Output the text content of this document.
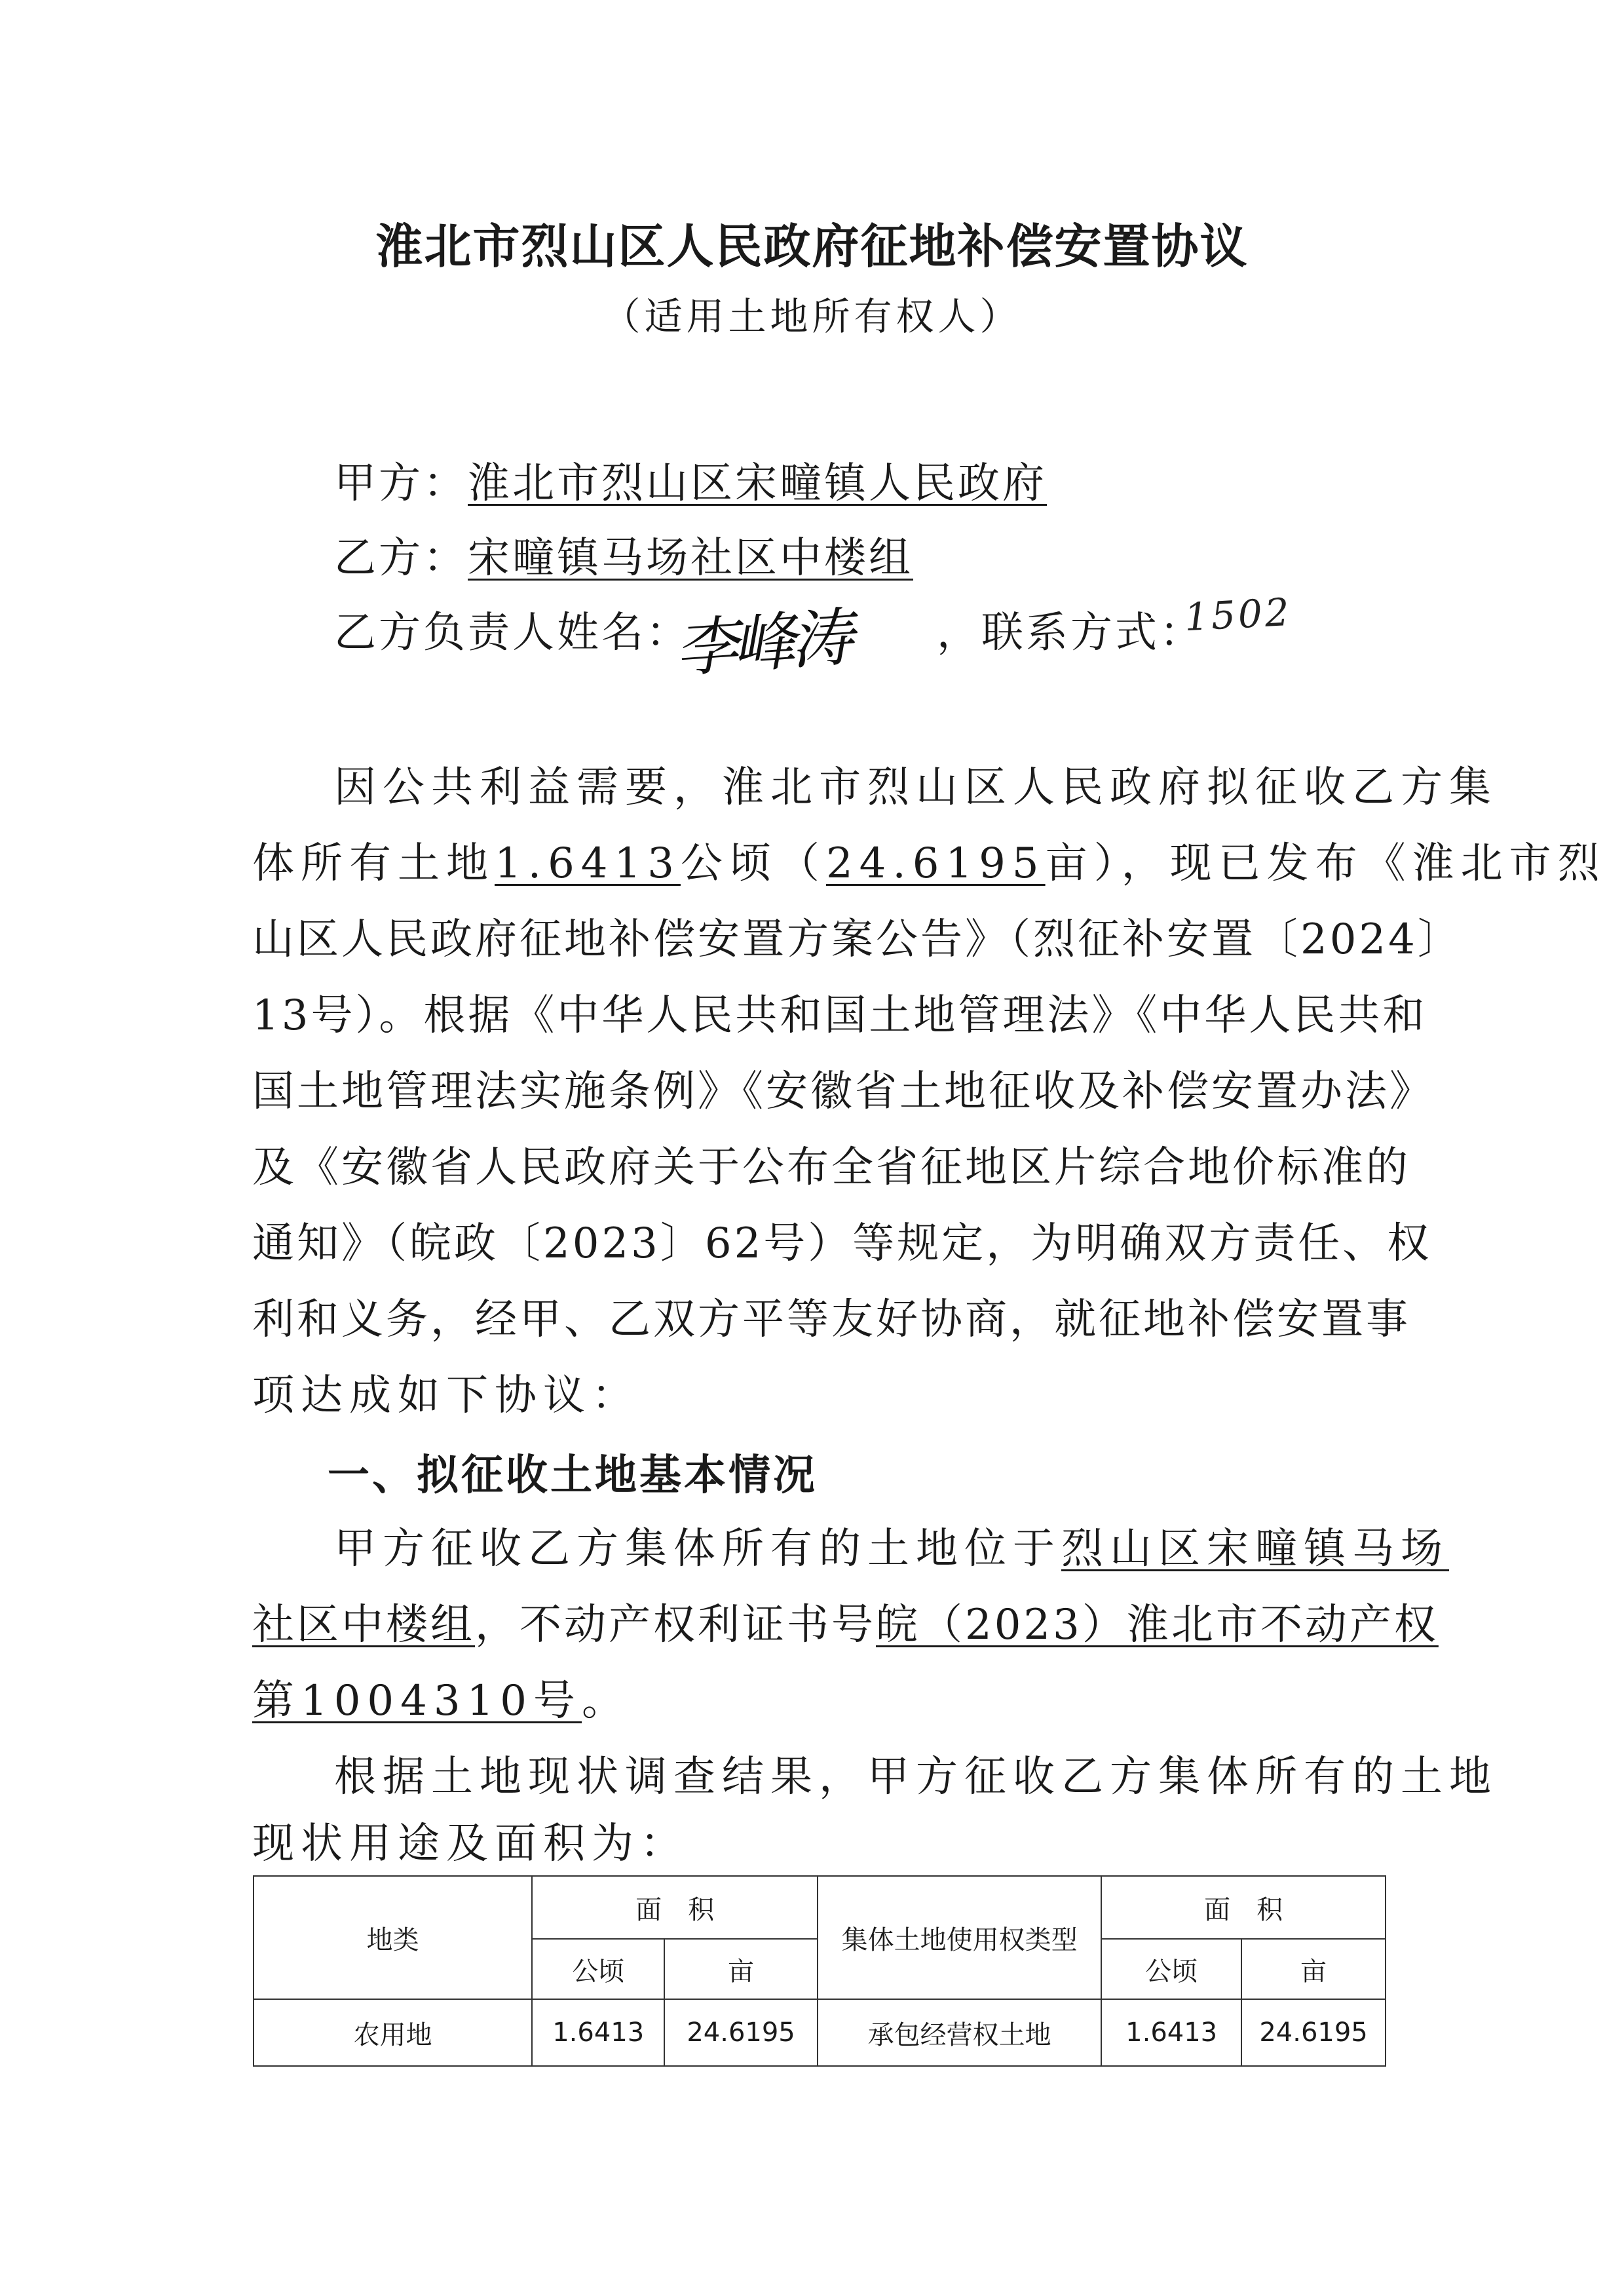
淮北市烈山区人民政府征地补偿安置协议
（适用土地所有权人）
甲方：淮北市烈山区宋疃镇人民政府
乙方：宋疃镇马场社区中楼组
乙方负责人姓名：
李峰涛 ，联系方式：
1502
因公共利益需要，淮北市烈山区人民政府拟征收乙方集
体所有土地1.6413公顷（24.6195亩），现已发布《淮北市烈
山区人民政府征地补偿安置方案公告》（烈征补安置〔2024〕
13号）。根据《中华人民共和国土地管理法》《中华人民共和
国土地管理法实施条例》《安徽省土地征收及补偿安置办法》
及《安徽省人民政府关于公布全省征地区片综合地价标准的
通知》（皖政〔2023〕62号）等规定，为明确双方责任、权
利和义务，经甲、乙双方平等友好协商，就征地补偿安置事
项达成如下协议：
一、拟征收土地基本情况
甲方征收乙方集体所有的土地位于烈山区宋疃镇马场
社区中楼组，不动产权利证书号皖（2023）淮北市不动产权
第1004310号。
根据土地现状调查结果，甲方征收乙方集体所有的土地
现状用途及面积为：
地类	面　积		集体土地使用权类型	面　积	
	公顷	亩		公顷	亩
农用地	1.6413	24.6195	承包经营权土地	1.6413	24.6195
